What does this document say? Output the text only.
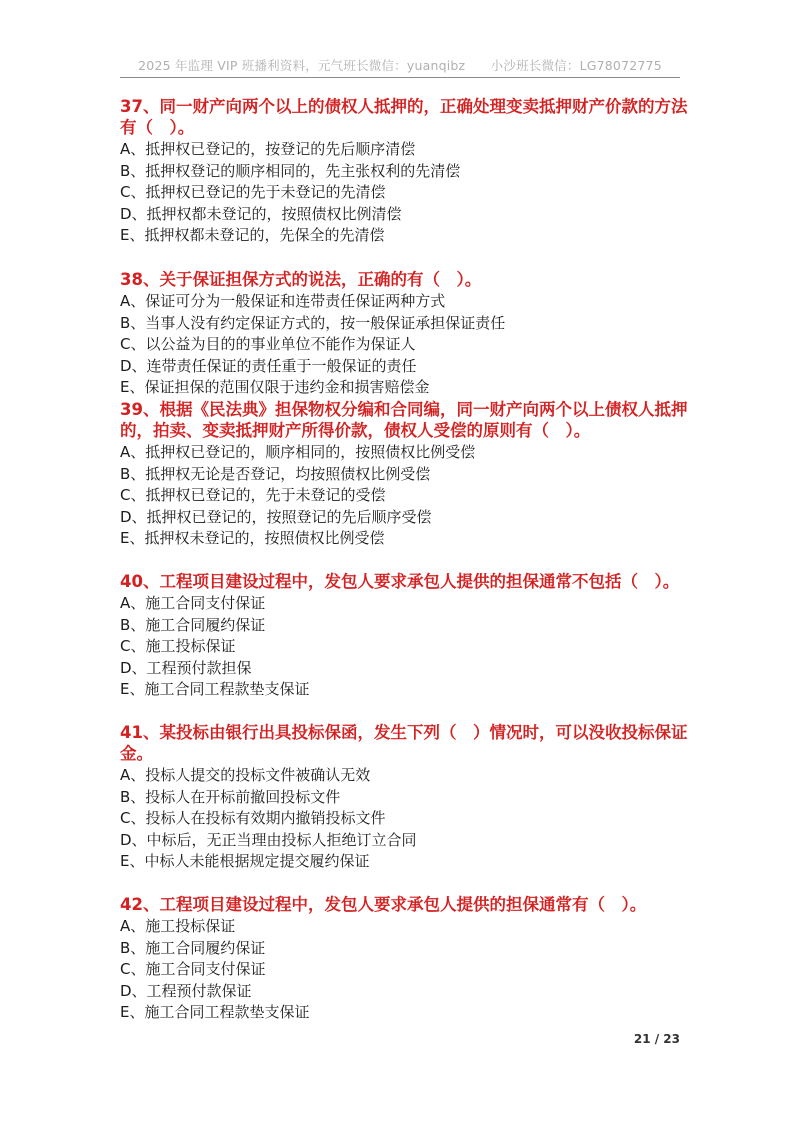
2025 年监理 VIP 班播利资料，元气班长微信：yuanqibz　　小沙班长微信：LG78072775
37、同一财产向两个以上的债权人抵押的，正确处理变卖抵押财产价款的方法有（　）。
A、抵押权已登记的，按登记的先后顺序清偿
B、抵押权登记的顺序相同的，先主张权利的先清偿
C、抵押权已登记的先于未登记的先清偿
D、抵押权都未登记的，按照债权比例清偿
E、抵押权都未登记的，先保全的先清偿
38、关于保证担保方式的说法，正确的有（　）。
A、保证可分为一般保证和连带责任保证两种方式
B、当事人没有约定保证方式的，按一般保证承担保证责任
C、以公益为目的的事业单位不能作为保证人
D、连带责任保证的责任重于一般保证的责任
E、保证担保的范围仅限于违约金和损害赔偿金
39、根据《民法典》担保物权分编和合同编，同一财产向两个以上债权人抵押的，拍卖、变卖抵押财产所得价款，债权人受偿的原则有（　）。
A、抵押权已登记的，顺序相同的，按照债权比例受偿
B、抵押权无论是否登记，均按照债权比例受偿
C、抵押权已登记的，先于未登记的受偿
D、抵押权已登记的，按照登记的先后顺序受偿
E、抵押权未登记的，按照债权比例受偿
40、工程项目建设过程中，发包人要求承包人提供的担保通常不包括（　）。
A、施工合同支付保证
B、施工合同履约保证
C、施工投标保证
D、工程预付款担保
E、施工合同工程款垫支保证
41、某投标由银行出具投标保函，发生下列（　）情况时，可以没收投标保证金。
A、投标人提交的投标文件被确认无效
B、投标人在开标前撤回投标文件
C、投标人在投标有效期内撤销投标文件
D、中标后，无正当理由投标人拒绝订立合同
E、中标人未能根据规定提交履约保证
42、工程项目建设过程中，发包人要求承包人提供的担保通常有（　）。
A、施工投标保证
B、施工合同履约保证
C、施工合同支付保证
D、工程预付款保证
E、施工合同工程款垫支保证
21 / 23
